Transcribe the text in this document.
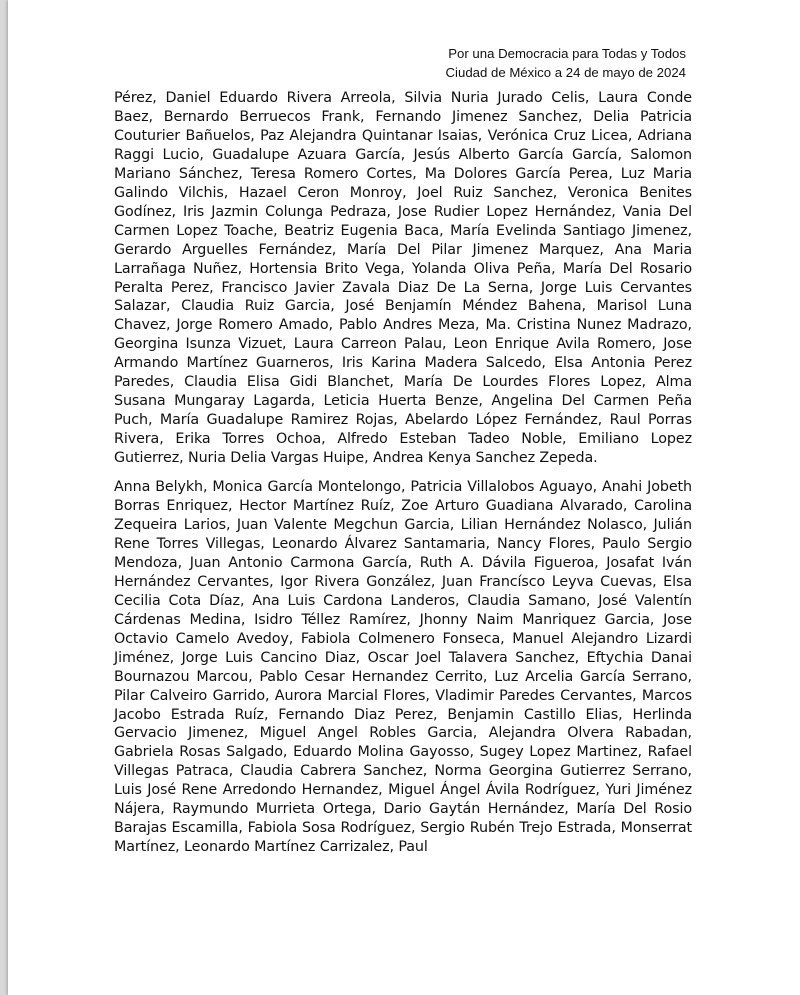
Por una Democracia para Todas y Todos
Ciudad de México a 24 de mayo de 2024

Pérez, Daniel Eduardo Rivera Arreola, Silvia Nuria Jurado Celis, Laura Conde Baez, Bernardo Berruecos Frank, Fernando Jimenez Sanchez, Delia Patricia Couturier Bañuelos, Paz Alejandra Quintanar Isaias, Verónica Cruz Licea, Adriana Raggi Lucio, Guadalupe Azuara García, Jesús Alberto García García, Salomon Mariano Sánchez, Teresa Romero Cortes, Ma Dolores García Perea, Luz Maria Galindo Vilchis, Hazael Ceron Monroy, Joel Ruiz Sanchez, Veronica Benites Godínez, Iris Jazmin Colunga Pedraza, Jose Rudier Lopez Hernández, Vania Del Carmen Lopez Toache, Beatriz Eugenia Baca, María Evelinda Santiago Jimenez, Gerardo Arguelles Fernández, María Del Pilar Jimenez Marquez, Ana Maria Larrañaga Nuñez, Hortensia Brito Vega, Yolanda Oliva Peña, María Del Rosario Peralta Perez, Francisco Javier Zavala Diaz De La Serna, Jorge Luis Cervantes Salazar, Claudia Ruiz Garcia, José Benjamín Méndez Bahena, Marisol Luna Chavez, Jorge Romero Amado, Pablo Andres Meza, Ma. Cristina Nunez Madrazo, Georgina Isunza Vizuet, Laura Carreon Palau, Leon Enrique Avila Romero, Jose Armando Martínez Guarneros, Iris Karina Madera Salcedo, Elsa Antonia Perez Paredes, Claudia Elisa Gidi Blanchet, María De Lourdes Flores Lopez, Alma Susana Mungaray Lagarda, Leticia Huerta Benze, Angelina Del Carmen Peña Puch, María Guadalupe Ramirez Rojas, Abelardo López Fernández, Raul Porras Rivera, Erika Torres Ochoa, Alfredo Esteban Tadeo Noble, Emiliano Lopez Gutierrez, Nuria Delia Vargas Huipe, Andrea Kenya Sanchez Zepeda.

Anna Belykh, Monica García Montelongo, Patricia Villalobos Aguayo, Anahi Jobeth Borras Enriquez, Hector Martínez Ruíz, Zoe Arturo Guadiana Alvarado, Carolina Zequeira Larios, Juan Valente Megchun Garcia, Lilian Hernández Nolasco, Julián Rene Torres Villegas, Leonardo Álvarez Santamaria, Nancy Flores, Paulo Sergio Mendoza, Juan Antonio Carmona García, Ruth A. Dávila Figueroa, Josafat Iván Hernández Cervantes, Igor Rivera González, Juan Francísco Leyva Cuevas, Elsa Cecilia Cota Díaz, Ana Luis Cardona Landeros, Claudia Samano, José Valentín Cárdenas Medina, Isidro Téllez Ramírez, Jhonny Naim Manriquez Garcia, Jose Octavio Camelo Avedoy, Fabiola Colmenero Fonseca, Manuel Alejandro Lizardi Jiménez, Jorge Luis Cancino Diaz, Oscar Joel Talavera Sanchez, Eftychia Danai Bournazou Marcou, Pablo Cesar Hernandez Cerrito, Luz Arcelia García Serrano, Pilar Calveiro Garrido, Aurora Marcial Flores, Vladimir Paredes Cervantes, Marcos Jacobo Estrada Ruíz, Fernando Diaz Perez, Benjamin Castillo Elias, Herlinda Gervacio Jimenez, Miguel Angel Robles Garcia, Alejandra Olvera Rabadan, Gabriela Rosas Salgado, Eduardo Molina Gayosso, Sugey Lopez Martinez, Rafael Villegas Patraca, Claudia Cabrera Sanchez, Norma Georgina Gutierrez Serrano, Luis José Rene Arredondo Hernandez, Miguel Ángel Ávila Rodríguez, Yuri Jiménez Nájera, Raymundo Murrieta Ortega, Dario Gaytán Hernández, María Del Rosio Barajas Escamilla, Fabiola Sosa Rodríguez, Sergio Rubén Trejo Estrada, Monserrat Martínez, Leonardo Martínez Carrizalez, Paul
